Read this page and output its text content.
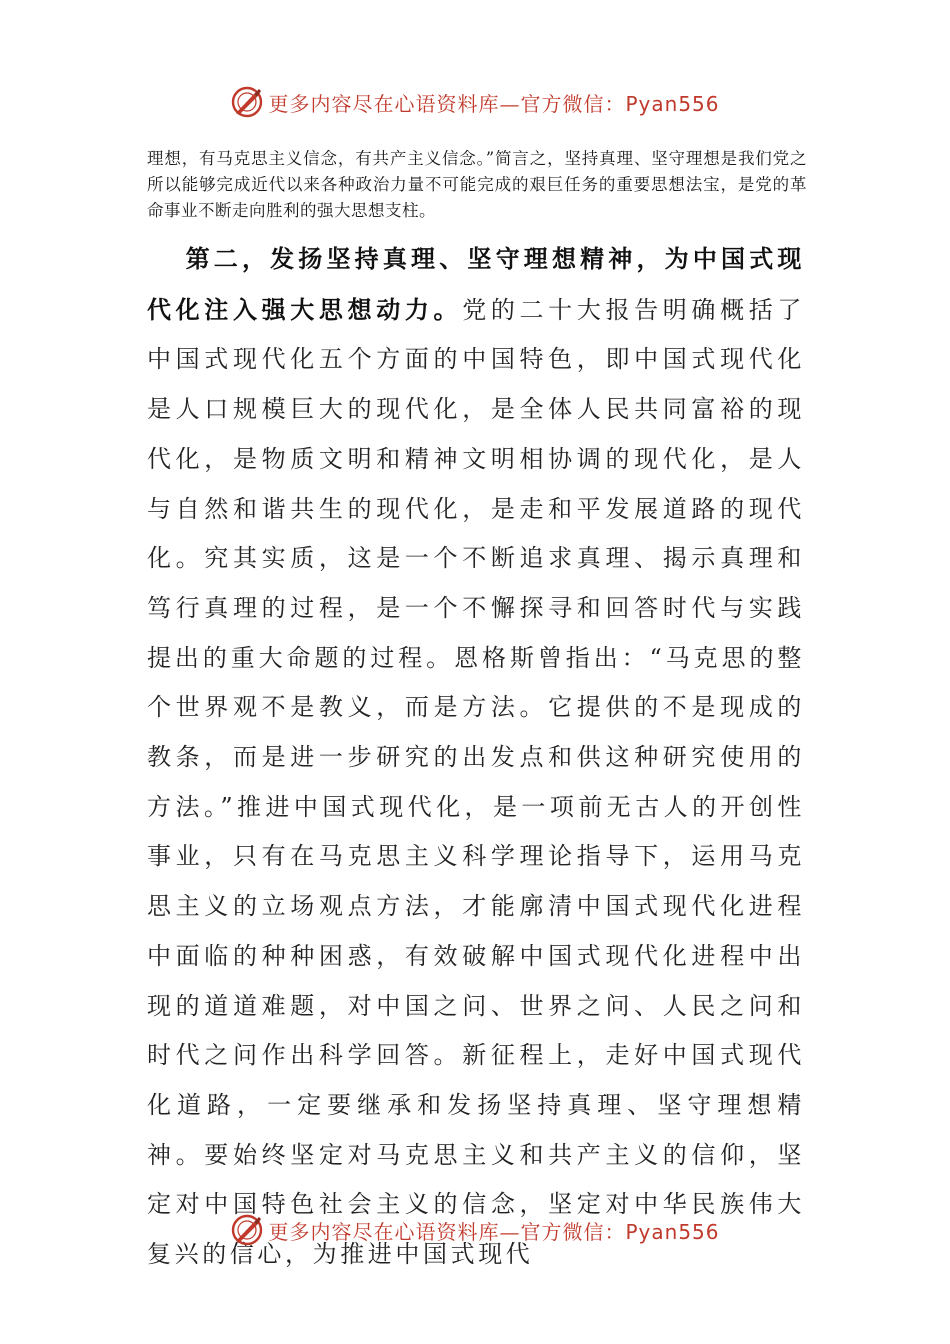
更多内容尽在心语资料库—官方微信：Pyan556
理想，有马克思主义信念，有共产主义信念。”简言之，坚持真理、坚守理想是我们党之所以能够完成近代以来各种政治力量不可能完成的艰巨任务的重要思想法宝，是党的革命事业不断走向胜利的强大思想支柱。
第二，发扬坚持真理、坚守理想精神，为中国式现代化注入强大思想动力。党的二十大报告明确概括了中国式现代化五个方面的中国特色，即中国式现代化是人口规模巨大的现代化，是全体人民共同富裕的现代化，是物质文明和精神文明相协调的现代化，是人与自然和谐共生的现代化，是走和平发展道路的现代化。究其实质，这是一个不断追求真理、揭示真理和笃行真理的过程，是一个不懈探寻和回答时代与实践提出的重大命题的过程。恩格斯曾指出：“马克思的整个世界观不是教义，而是方法。它提供的不是现成的教条，而是进一步研究的出发点和供这种研究使用的方法。”推进中国式现代化，是一项前无古人的开创性事业，只有在马克思主义科学理论指导下，运用马克思主义的立场观点方法，才能廓清中国式现代化进程中面临的种种困惑，有效破解中国式现代化进程中出现的道道难题，对中国之问、世界之问、人民之问和时代之问作出科学回答。新征程上，走好中国式现代化道路，一定要继承和发扬坚持真理、坚守理想精神。要始终坚定对马克思主义和共产主义的信仰，坚定对中国特色社会主义的信念，坚定对中华民族伟大复兴的信心，为推进中国式现代
更多内容尽在心语资料库—官方微信：Pyan556
